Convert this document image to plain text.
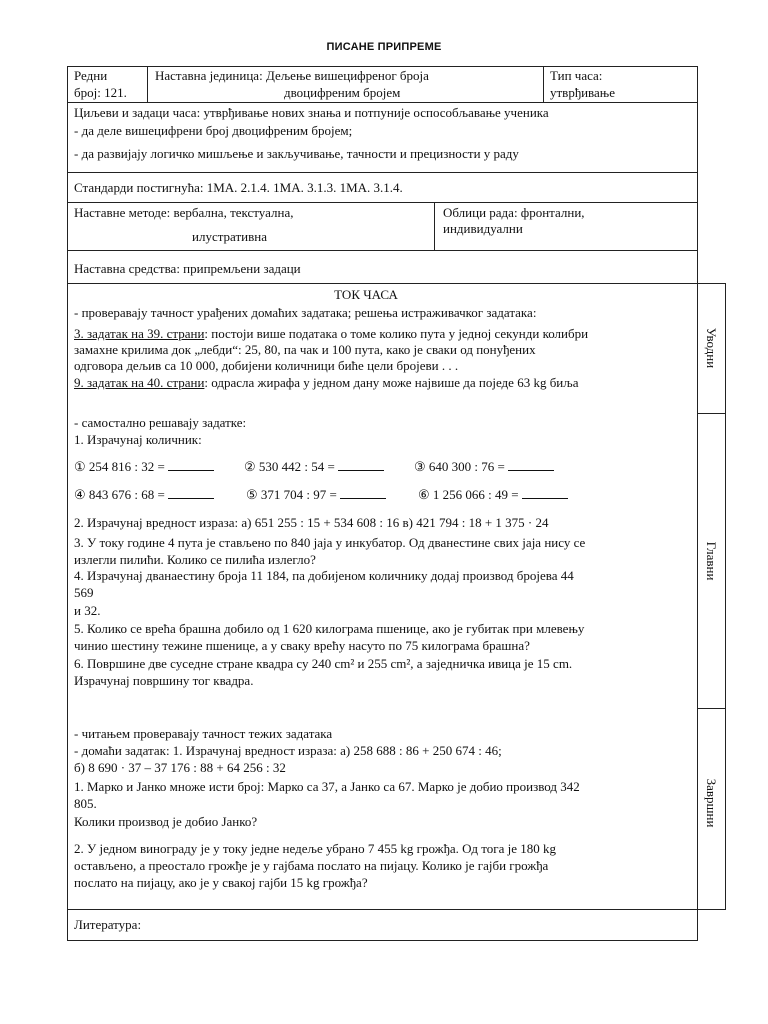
ПИСАНЕ ПРИПРЕМЕ
Редни
број: 121.
Наставна јединица: Дељење вишецифреног броја
двоцифреним бројем
Тип часа:
утврђивање
Циљеви и задаци часа: утврђивање нових знања и потпуније оспособљавање ученика
- да деле вишецифрени број двоцифреним бројем;
- да развијају логичко мишљење и закључивање, тачности и прецизности у раду
Стандарди постигнућа: 1МА. 2.1.4. 1МА. 3.1.3. 1МА. 3.1.4.
Наставне методе: вербална, текстуална,
илустративна
Облици рада: фронтални,
индивидуални
Наставна средства: припремљени задаци
ТОК ЧАСА
- проверавају тачност урађених домаћих задатака; решења истраживачког задатака:
3. задатак на 39. страни: постоји више података о томе колико пута у једној секунди колибри
замахне крилима док „лебди“: 25, 80, па чак и 100 пута, како је сваки од понуђених
одговора дељив са 10 000, добијени количници биће цели бројеви . . .
9. задатак на 40. страни: одрасла жирафа у једном дану може највише да поједе 63 kg биља
- самостално решавају задатке:
1. Израчунај количник:
① 254 816 : 32 =	② 530 442 : 54 =	③ 640 300 : 76 =
④ 843 676 : 68 =	⑤ 371 704 : 97 =	⑥ 1 256 066 : 49 =
2. Израчунај вредност израза: а) 651 255 : 15 + 534 608 : 16 в) 421 794 : 18 + 1 375 · 24
3. У току године 4 пута је стављено по 840 јаја у инкубатор. Од дванестине свих јаја нису се
излегли пилићи. Колико се пилића излегло?
4. Израчунај дванаестину броја 11 184, па добијеном количнику додај производ бројева 44
569
и 32.
5. Колико се врећа брашна добило од 1 620 килограма пшенице, ако је губитак при млевењу
чинио шестину тежине пшенице, а у сваку врећу насуто по 75 килограма брашна?
6. Површине две суседне стране квадра су 240 cm² и 255 cm², а заједничка ивица је 15 cm.
Израчунај површину тог квадра.
- читањем проверавају тачност тежих задатака
- домаћи задатак: 1. Израчунај вредност израза: а) 258 688 : 86 + 250 674 : 46;
б) 8 690 · 37 – 37 176 : 88 + 64 256 : 32
1. Марко и Јанко множе исти број: Марко са 37, а Јанко са 67. Марко је добио производ 342
805.
Колики производ је добио Јанко?
2. У једном винограду је у току једне недеље убрано 7 455 kg грожђа. Од тога је 180 kg
остављено, а преостало грожђе је у гајбама послато на пијацу. Колико је гајби грожђа
послато на пијацу, ако је у свакој гајби 15 kg грожђа?
Уводни
Главни
Завршни
Литература:
